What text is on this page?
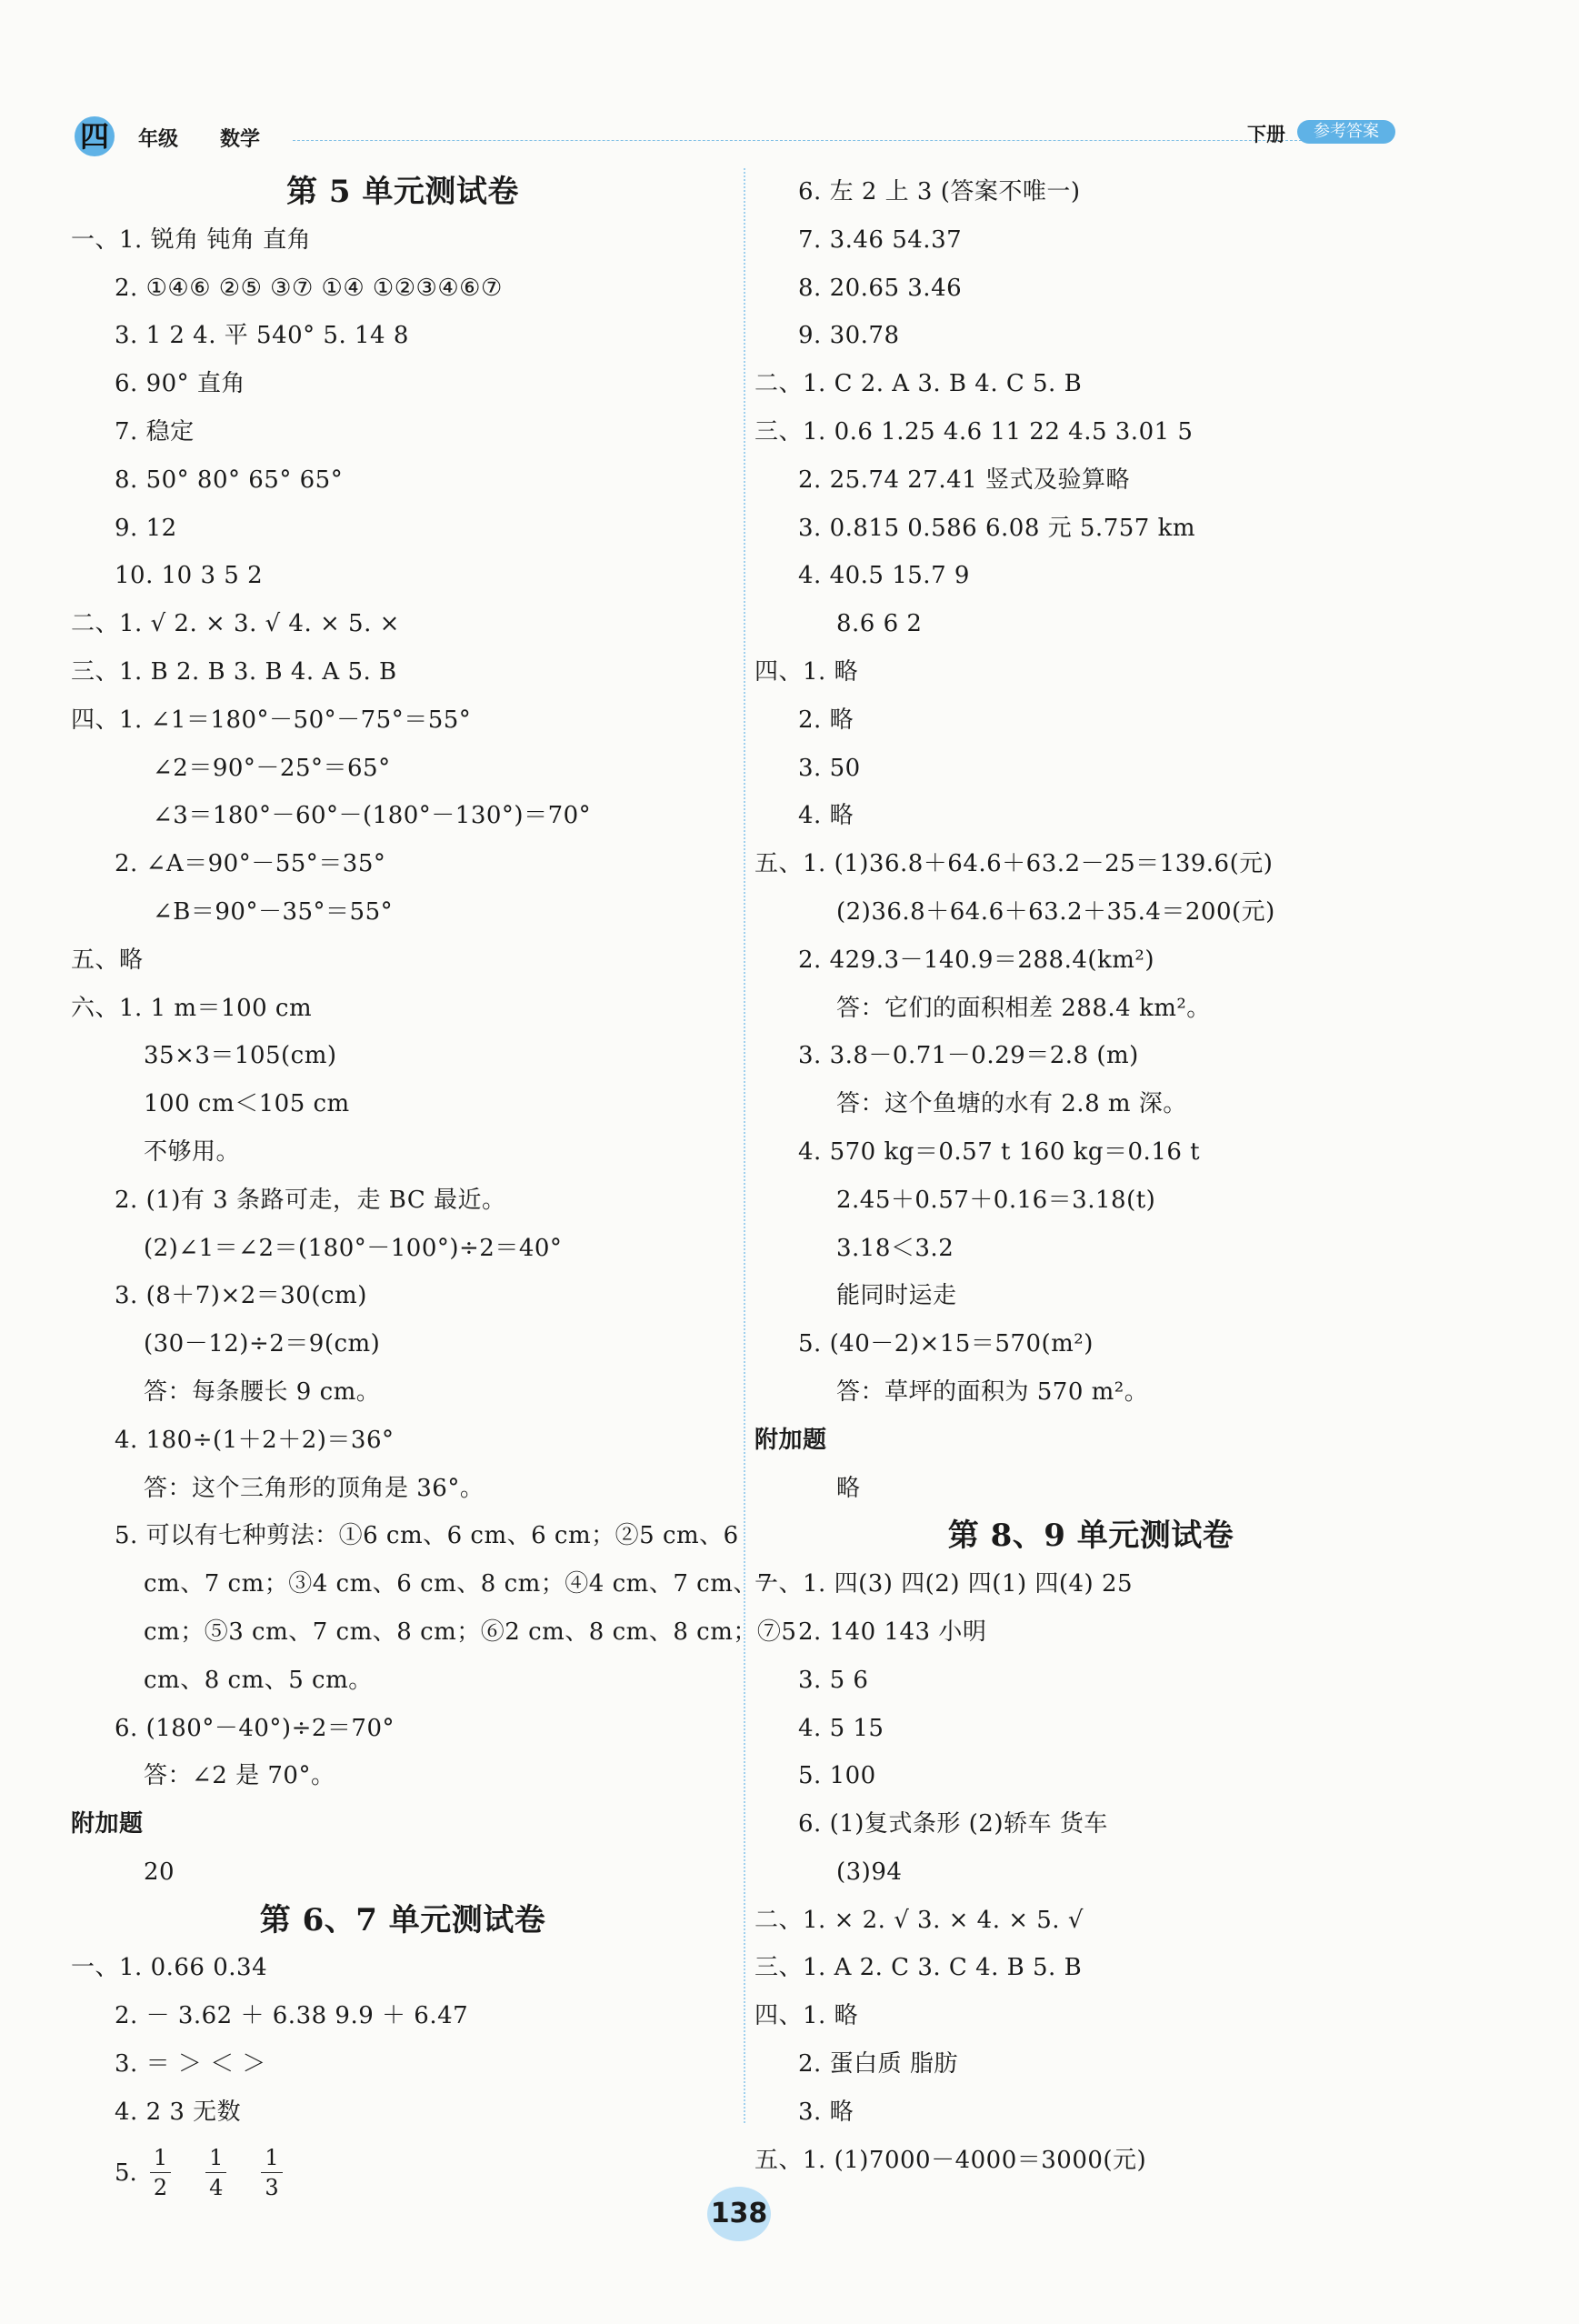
四 年级 数学	下册	参考答案
第 5 单元测试卷
一、1. 锐角 钝角 直角
2. ①④⑥ ②⑤ ③⑦ ①④ ①②③④⑥⑦
3. 1 2 4. 平 540° 5. 14 8
6. 90° 直角
7. 稳定
8. 50° 80° 65° 65°
9. 12
10. 10 3 5 2
二、1. √ 2. × 3. √ 4. × 5. ×
三、1. B 2. B 3. B 4. A 5. B
四、1. ∠1＝180°－50°－75°＝55°
∠2＝90°－25°＝65°
∠3＝180°－60°－(180°－130°)＝70°
2. ∠A＝90°－55°＝35°
∠B＝90°－35°＝55°
五、略
六、1. 1 m＝100 cm
35×3＝105(cm)
100 cm＜105 cm
不够用。
2. (1)有 3 条路可走，走 BC 最近。
(2)∠1＝∠2＝(180°－100°)÷2＝40°
3. (8＋7)×2＝30(cm)
(30－12)÷2＝9(cm)
答：每条腰长 9 cm。
4. 180÷(1＋2＋2)＝36°
答：这个三角形的顶角是 36°。
5. 可以有七种剪法：①6 cm、6 cm、6 cm；②5 cm、6
cm、7 cm；③4 cm、6 cm、8 cm；④4 cm、7 cm、7
cm；⑤3 cm、7 cm、8 cm；⑥2 cm、8 cm、8 cm；⑦5
cm、8 cm、5 cm。
6. (180°－40°)÷2＝70°
答：∠2 是 70°。
附加题
20
第 6、7 单元测试卷
一、1. 0.66 0.34
2. － 3.62 ＋ 6.38 9.9 ＋ 6.47
3. ＝ ＞ ＜ ＞
4. 2 3 无数
5. $\frac{1}{2} \frac{1}{4} \frac{1}{3}$
6. 左 2 上 3 (答案不唯一)
7. 3.46 54.37
8. 20.65 3.46
9. 30.78
二、1. C 2. A 3. B 4. C 5. B
三、1. 0.6 1.25 4.6 11 22 4.5 3.01 5
2. 25.74 27.41 竖式及验算略
3. 0.815 0.586 6.08 元 5.757 km
4. 40.5 15.7 9
8.6 6 2
四、1. 略
2. 略
3. 50
4. 略
五、1. (1)36.8＋64.6＋63.2－25＝139.6(元)
(2)36.8＋64.6＋63.2＋35.4＝200(元)
2. 429.3－140.9＝288.4(km²)
答：它们的面积相差 288.4 km²。
3. 3.8－0.71－0.29＝2.8 (m)
答：这个鱼塘的水有 2.8 m 深。
4. 570 kg＝0.57 t 160 kg＝0.16 t
2.45＋0.57＋0.16＝3.18(t)
3.18＜3.2
能同时运走
5. (40－2)×15＝570(m²)
答：草坪的面积为 570 m²。
附加题
略
第 8、9 单元测试卷
一、1. 四(3) 四(2) 四(1) 四(4) 25
2. 140 143 小明
3. 5 6
4. 5 15
5. 100
6. (1)复式条形 (2)轿车 货车
(3)94
二、1. × 2. √ 3. × 4. × 5. √
三、1. A 2. C 3. C 4. B 5. B
四、1. 略
2. 蛋白质 脂肪
3. 略
五、1. (1)7000－4000＝3000(元)
138
